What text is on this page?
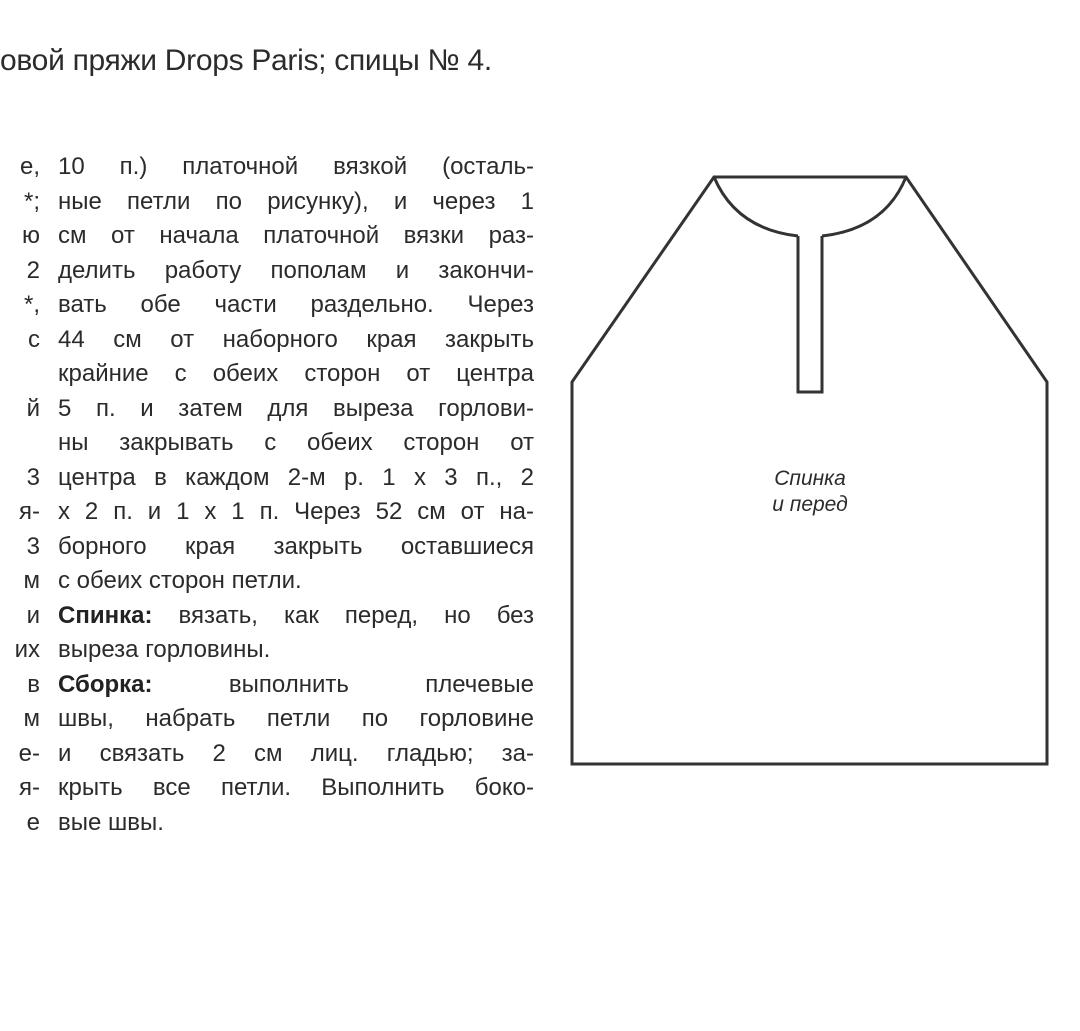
овой пряжи Drops Paris; спицы № 4.
е,
*;
ю
2
*,
с
й
3
я-
3
м
и
их
в
м
е-
я-
е
10 п.) платочной вязкой (осталь-
ные петли по рисунку), и через 1
см от начала платочной вязки раз-
делить работу пополам и закончи-
вать обе части раздельно. Через
44 см от наборного края закрыть
крайние с обеих сторон от центра
5 п. и затем для выреза горлови-
ны закрывать с обеих сторон от
центра в каждом 2-м р. 1 х 3 п., 2
х 2 п. и 1 х 1 п. Через 52 см от на-
борного края закрыть оставшиеся
с обеих сторон петли.
Спинка: вязать, как перед, но без
выреза горловины.
Сборка:	выполнить плечевые
швы, набрать петли по горловине
и связать 2 см лиц. гладью; за-
крыть все петли. Выполнить боко-
вые швы.
Спинка
и перед
